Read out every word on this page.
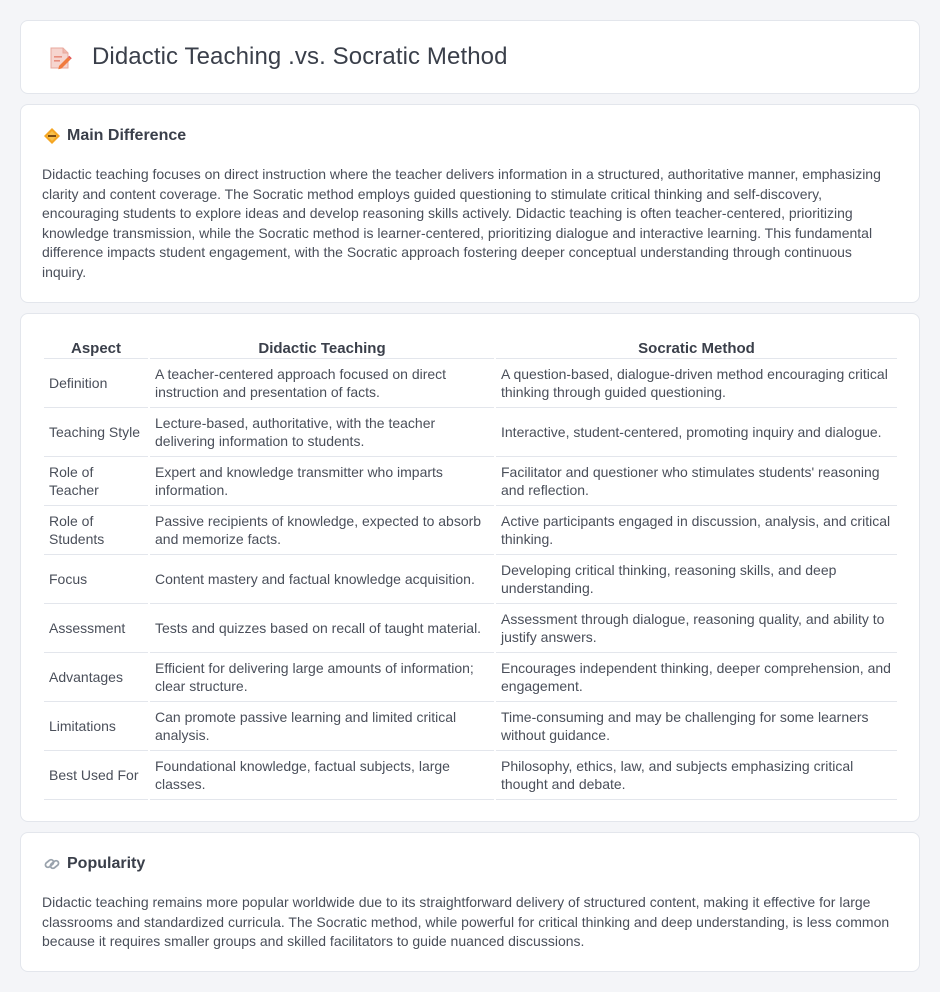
Didactic Teaching .vs. Socratic Method
Main Difference

Didactic teaching focuses on direct instruction where the teacher delivers information in a structured, authoritative manner, emphasizing clarity and content coverage. The Socratic method employs guided questioning to stimulate critical thinking and self-discovery, encouraging students to explore ideas and develop reasoning skills actively. Didactic teaching is often teacher-centered, prioritizing knowledge transmission, while the Socratic method is learner-centered, prioritizing dialogue and interactive learning. This fundamental difference impacts student engagement, with the Socratic approach fostering deeper conceptual understanding through continuous inquiry.

Aspect	Didactic Teaching	Socratic Method
Definition	A teacher-centered approach focused on direct instruction and presentation of facts.	A question-based, dialogue-driven method encouraging critical thinking through guided questioning.
Teaching Style	Lecture-based, authoritative, with the teacher delivering information to students.	Interactive, student-centered, promoting inquiry and dialogue.
Role of Teacher	Expert and knowledge transmitter who imparts information.	Facilitator and questioner who stimulates students' reasoning and reflection.
Role of Students	Passive recipients of knowledge, expected to absorb and memorize facts.	Active participants engaged in discussion, analysis, and critical thinking.
Focus	Content mastery and factual knowledge acquisition.	Developing critical thinking, reasoning skills, and deep understanding.
Assessment	Tests and quizzes based on recall of taught material.	Assessment through dialogue, reasoning quality, and ability to justify answers.
Advantages	Efficient for delivering large amounts of information; clear structure.	Encourages independent thinking, deeper comprehension, and engagement.
Limitations	Can promote passive learning and limited critical analysis.	Time-consuming and may be challenging for some learners without guidance.
Best Used For	Foundational knowledge, factual subjects, large classes.	Philosophy, ethics, law, and subjects emphasizing critical thought and debate.
Popularity

Didactic teaching remains more popular worldwide due to its straightforward delivery of structured content, making it effective for large classrooms and standardized curricula. The Socratic method, while powerful for critical thinking and deep understanding, is less common because it requires smaller groups and skilled facilitators to guide nuanced discussions.
